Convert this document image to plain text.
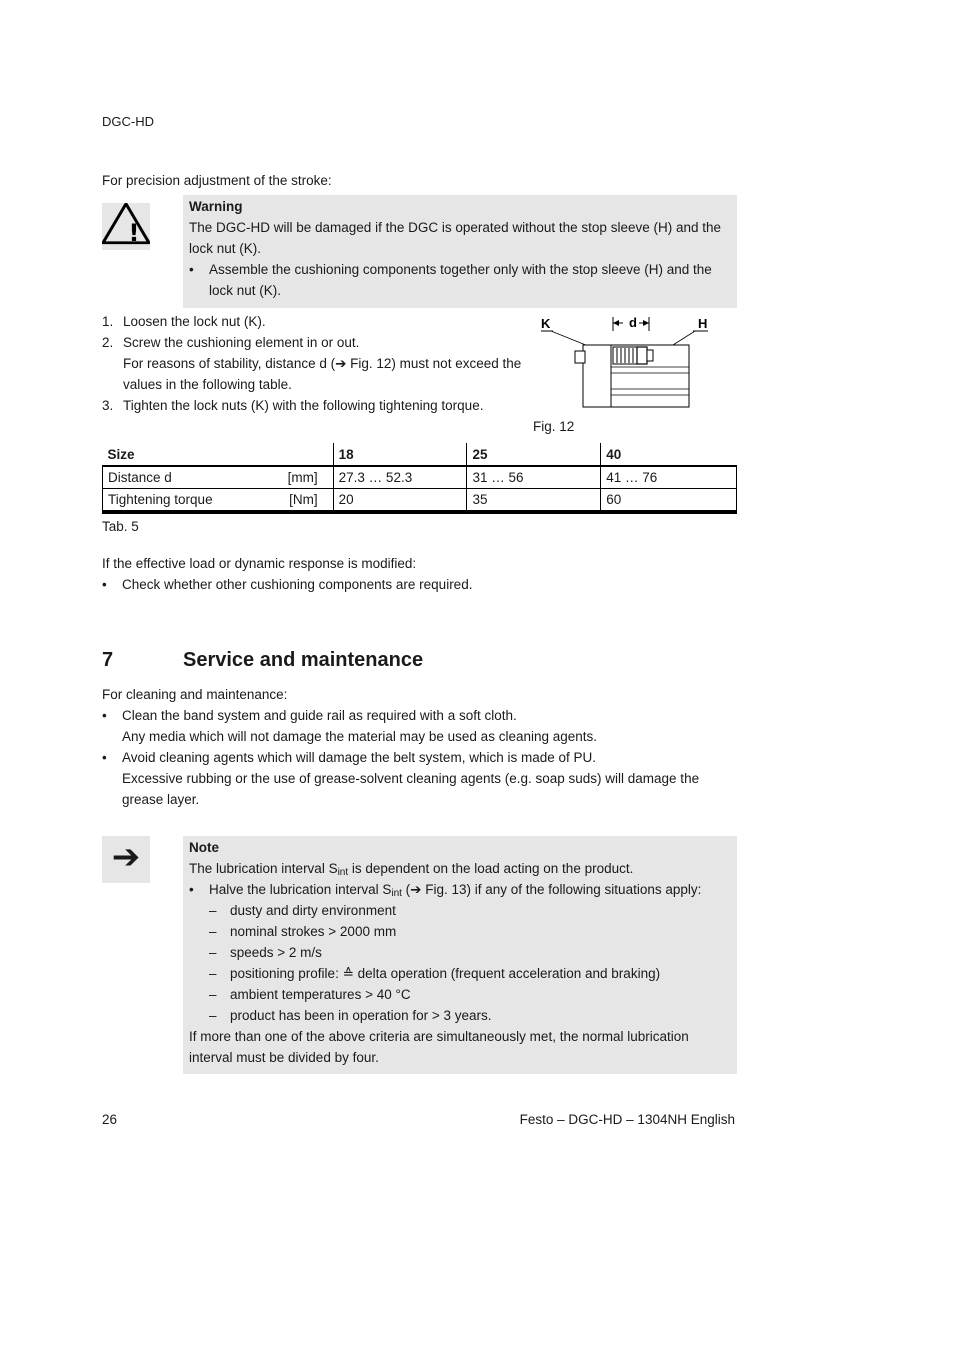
DGC-HD
For precision adjustment of the stroke:
!
Warning
The DGC-HD will be damaged if the DGC is operated without the stop sleeve (H) and the lock nut (K).
• Assemble the cushioning components together only with the stop sleeve (H) and the lock nut (K).
1. Loosen the lock nut (K).
2. Screw the cushioning element in or out.
For reasons of stability, distance d (➔ Fig. 12) must not exceed the values in the following table.
3. Tighten the lock nuts (K) with the following tightening torque.
K	d	H
Fig. 12
Size	18	25	40
Distance d [mm]	27.3 … 52.3	31 … 56	41 … 76
Tightening torque [Nm]	20	35	60
Tab. 5
If the effective load or dynamic response is modified:
• Check whether other cushioning components are required.
7	Service and maintenance
For cleaning and maintenance:
• Clean the band system and guide rail as required with a soft cloth.
Any media which will not damage the material may be used as cleaning agents.
• Avoid cleaning agents which will damage the belt system, which is made of PU.
Excessive rubbing or the use of grease-solvent cleaning agents (e.g. soap suds) will damage the grease layer.
➔	Note
The lubrication interval $S_{int}$ is dependent on the load acting on the product.
• Halve the lubrication interval $S_{int}$ (➔ Fig. 13) if any of the following situations apply:
– dusty and dirty environment
– nominal strokes > 2000 mm
– speeds > 2 m/s
– positioning profile: ≙ delta operation (frequent acceleration and braking)
– ambient temperatures > 40 °C
– product has been in operation for > 3 years.
If more than one of the above criteria are simultaneously met, the normal lubrication interval must be divided by four.
26	Festo – DGC-HD – 1304NH English
